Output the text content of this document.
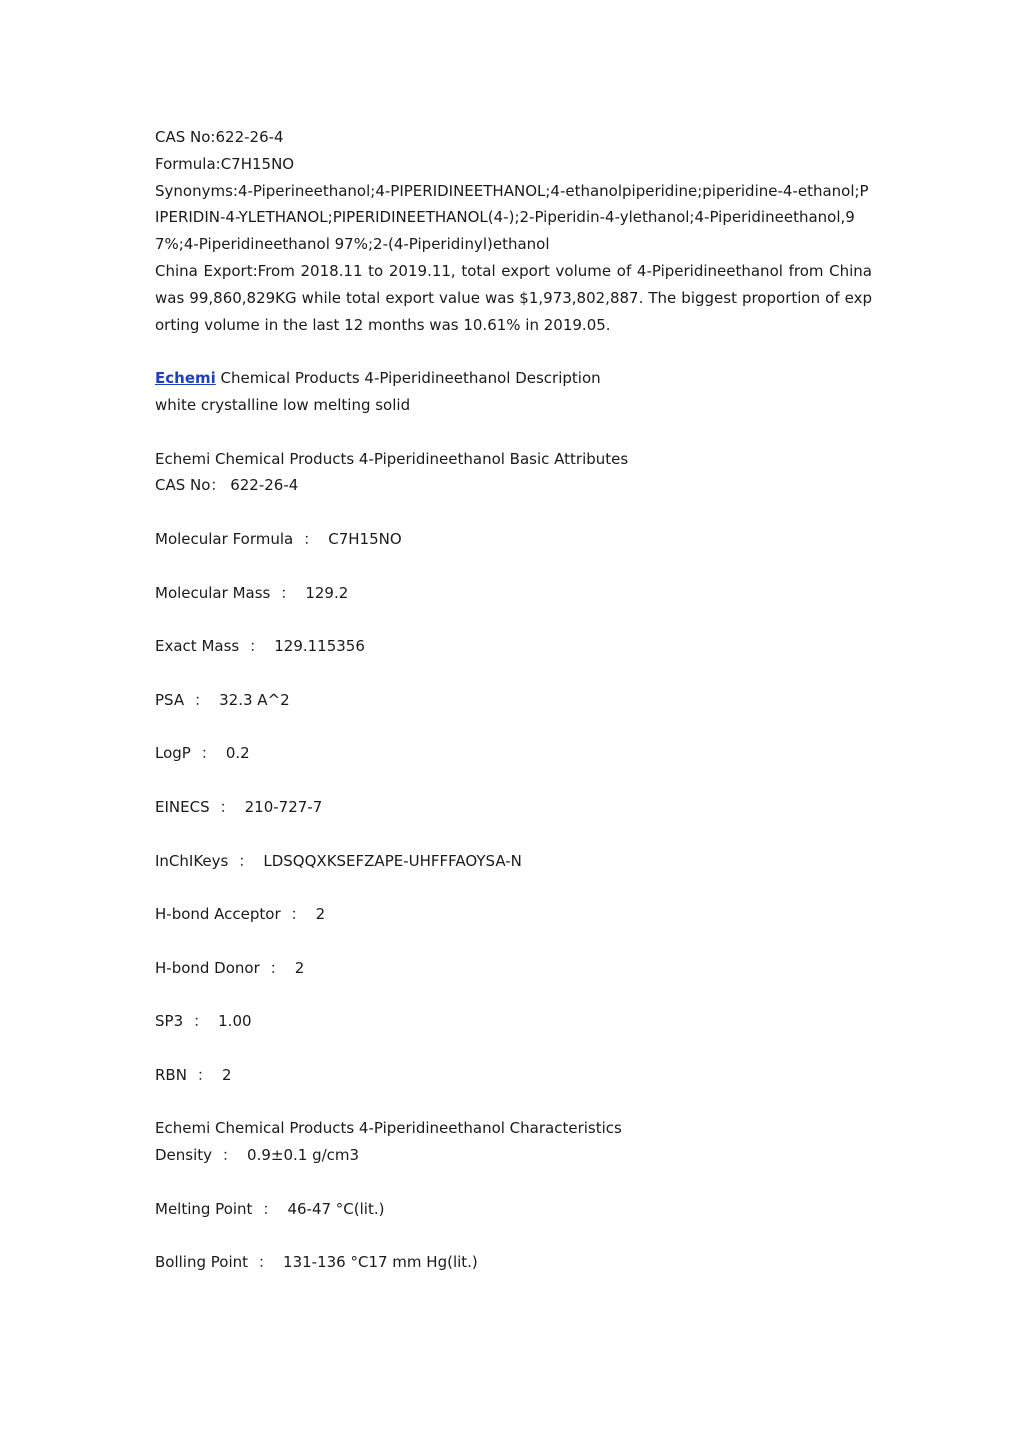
CAS No:622-26-4
Formula:C7H15NO
Synonyms:4-Piperineethanol;4-PIPERIDINEETHANOL;4-ethanolpiperidine;piperidine-4-ethanol;PIPERIDIN-4-YLETHANOL;PIPERIDINEETHANOL(4-);2-Piperidin-4-ylethanol;4-Piperidineethanol,97%;4-Piperidineethanol 97%;2-(4-Piperidinyl)ethanol
China Export:From 2018.11 to 2019.11, total export volume of 4-Piperidineethanol from China was 99,860,829KG while total export value was $1,973,802,887. The biggest proportion of exporting volume in the last 12 months was 10.61% in 2019.05.
Echemi Chemical Products 4-Piperidineethanol Description
white crystalline low melting solid
Echemi Chemical Products 4-Piperidineethanol Basic Attributes
CAS No： 622-26-4
Molecular Formula ： C7H15NO
Molecular Mass ： 129.2
Exact Mass ： 129.115356
PSA ： 32.3 A^2
LogP ： 0.2
EINECS ： 210-727-7
InChIKeys ： LDSQQXKSEFZAPE-UHFFFAOYSA-N
H-bond Acceptor ： 2
H-bond Donor ： 2
SP3 ： 1.00
RBN ： 2
Echemi Chemical Products 4-Piperidineethanol Characteristics
Density ： 0.9±0.1 g/cm3
Melting Point ： 46-47 °C(lit.)
Bolling Point ： 131-136 °C17 mm Hg(lit.)
